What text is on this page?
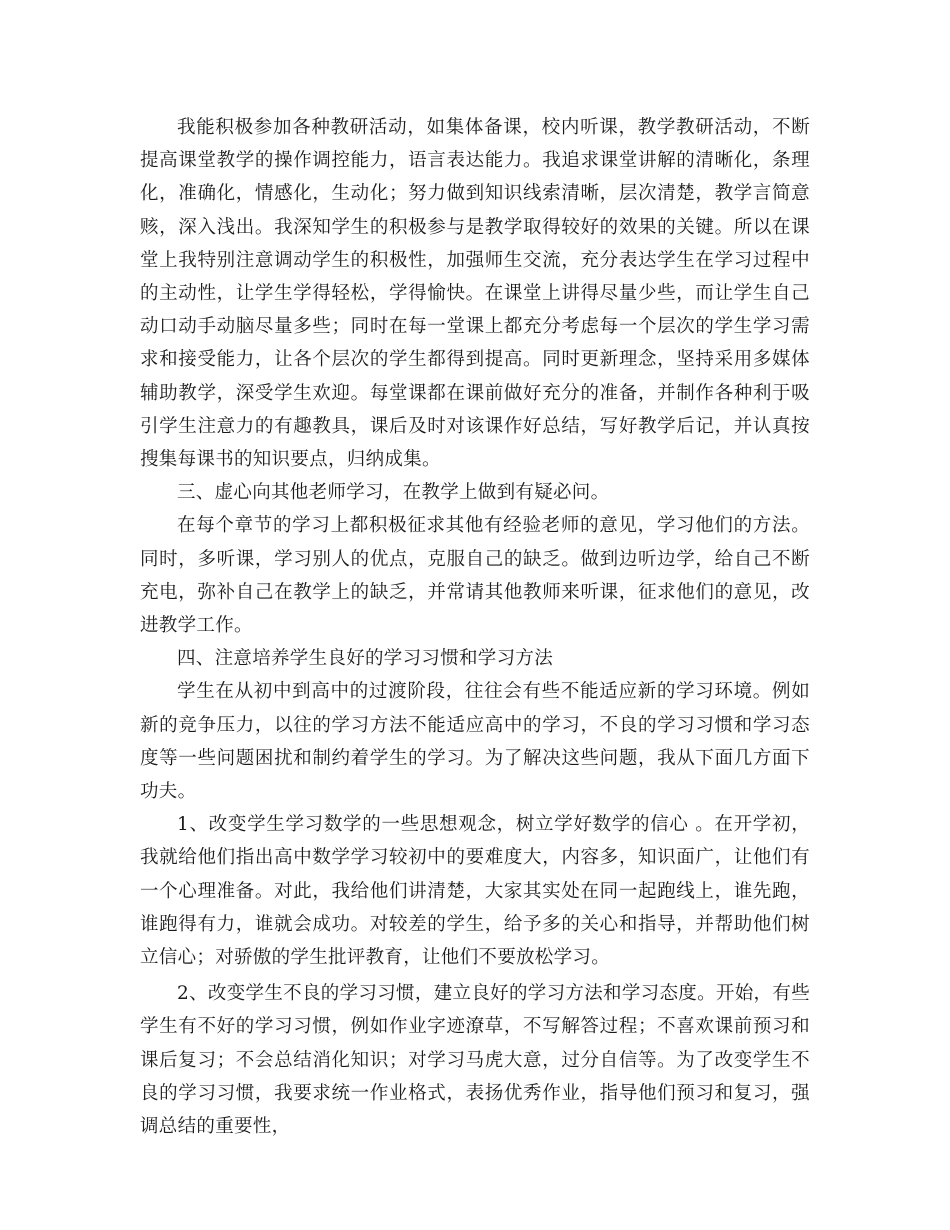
我能积极参加各种教研活动，如集体备课，校内听课，教学教研活动，不断提高课堂教学的操作调控能力，语言表达能力。我追求课堂讲解的清晰化，条理化，准确化，情感化，生动化；努力做到知识线索清晰，层次清楚，教学言简意赅，深入浅出。我深知学生的积极参与是教学取得较好的效果的关键。所以在课堂上我特别注意调动学生的积极性，加强师生交流，充分表达学生在学习过程中的主动性，让学生学得轻松，学得愉快。在课堂上讲得尽量少些，而让学生自己动口动手动脑尽量多些；同时在每一堂课上都充分考虑每一个层次的学生学习需求和接受能力，让各个层次的学生都得到提高。同时更新理念，坚持采用多媒体辅助教学，深受学生欢迎。每堂课都在课前做好充分的准备，并制作各种利于吸引学生注意力的有趣教具，课后及时对该课作好总结，写好教学后记，并认真按搜集每课书的知识要点，归纳成集。

三、虚心向其他老师学习，在教学上做到有疑必问。

在每个章节的学习上都积极征求其他有经验老师的意见，学习他们的方法。同时，多听课，学习别人的优点，克服自己的缺乏。做到边听边学，给自己不断充电，弥补自己在教学上的缺乏，并常请其他教师来听课，征求他们的意见，改进教学工作。

四、注意培养学生良好的学习习惯和学习方法

学生在从初中到高中的过渡阶段，往往会有些不能适应新的学习环境。例如新的竞争压力，以往的学习方法不能适应高中的学习，不良的学习习惯和学习态度等一些问题困扰和制约着学生的学习。为了解决这些问题，我从下面几方面下功夫。

1、改变学生学习数学的一些思想观念，树立学好数学的信心 。在开学初，我就给他们指出高中数学学习较初中的要难度大，内容多，知识面广，让他们有一个心理准备。对此，我给他们讲清楚，大家其实处在同一起跑线上，谁先跑，谁跑得有力，谁就会成功。对较差的学生，给予多的关心和指导，并帮助他们树立信心；对骄傲的学生批评教育，让他们不要放松学习。

2、改变学生不良的学习习惯，建立良好的学习方法和学习态度。开始，有些学生有不好的学习习惯，例如作业字迹潦草，不写解答过程；不喜欢课前预习和课后复习；不会总结消化知识；对学习马虎大意，过分自信等。为了改变学生不良的学习习惯，我要求统一作业格式，表扬优秀作业，指导他们预习和复习，强调总结的重要性，
